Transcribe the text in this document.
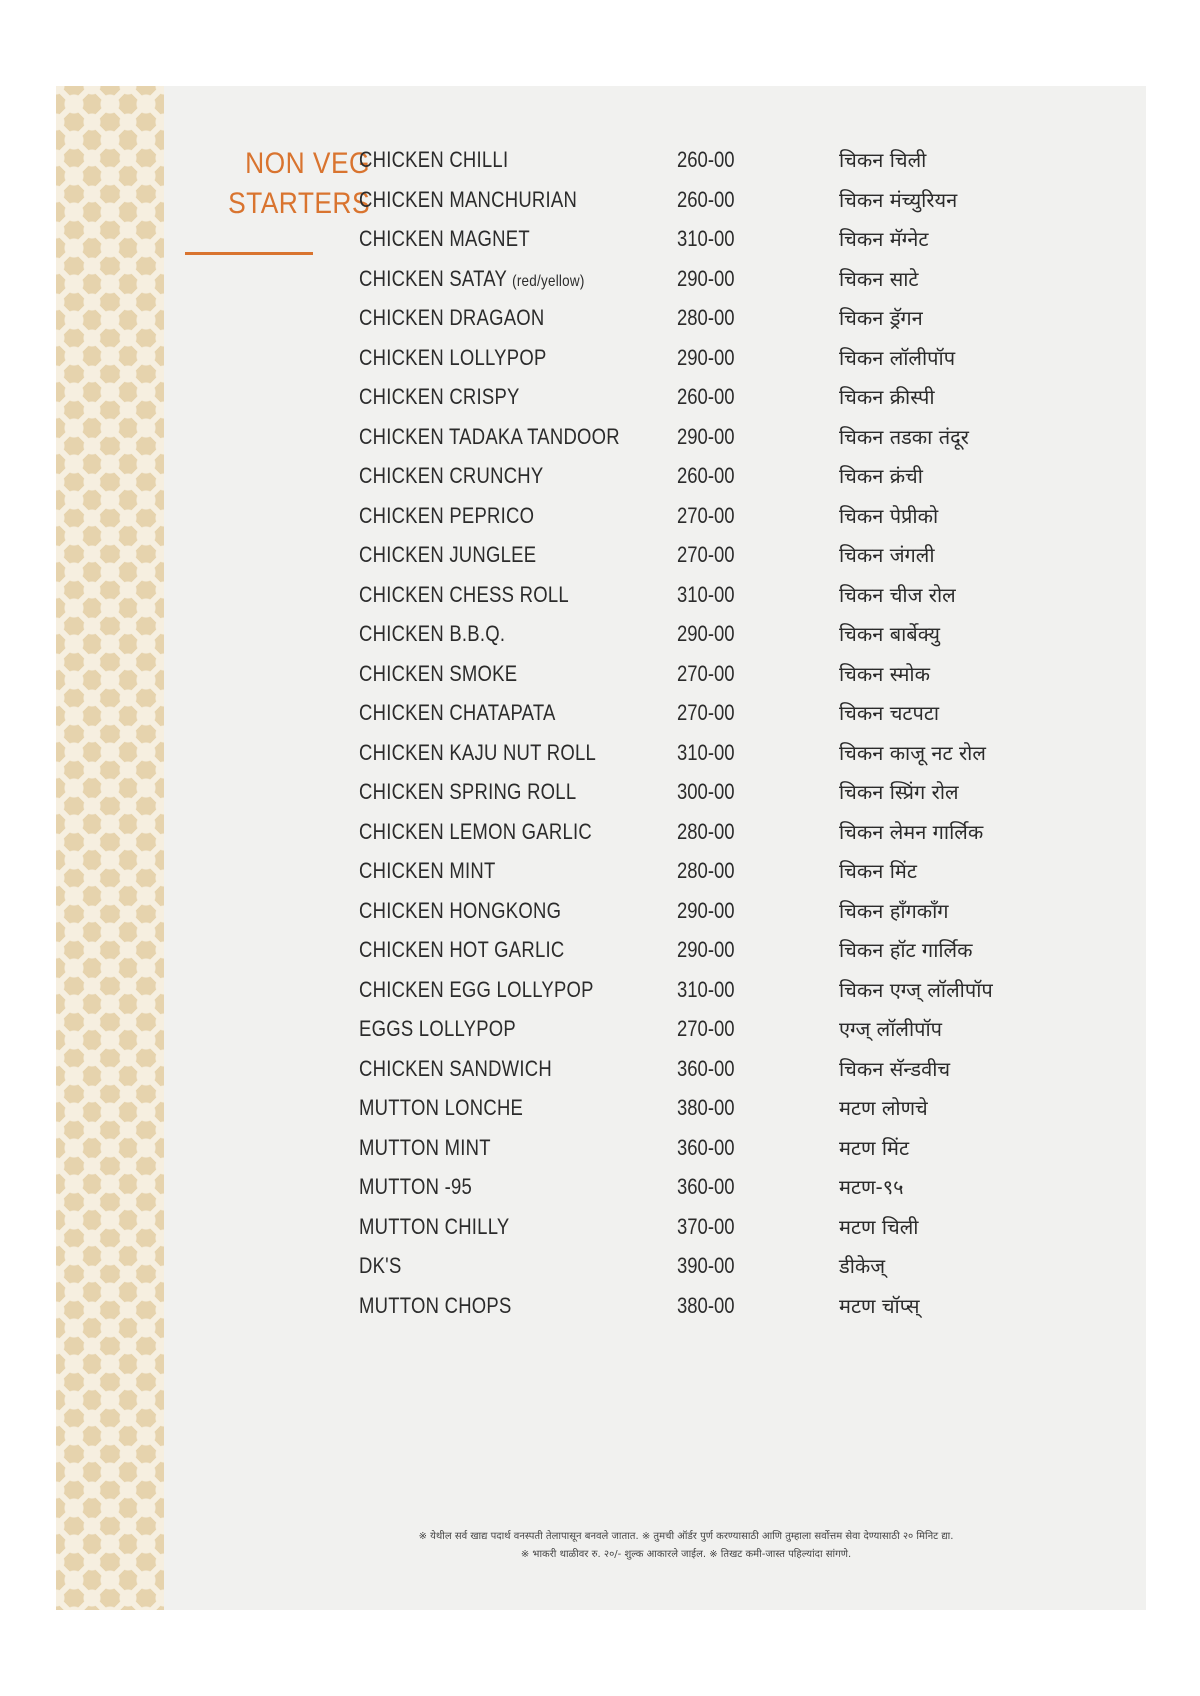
NON VEG
STARTERS
CHICKEN CHILLI	260-00	चिकन चिली
CHICKEN MANCHURIAN	260-00	चिकन मंच्युरियन
CHICKEN MAGNET	310-00	चिकन मॅग्नेट
CHICKEN SATAY (red/yellow)	290-00	चिकन साटे
CHICKEN DRAGAON	280-00	चिकन ड्रॅगन
CHICKEN LOLLYPOP	290-00	चिकन लॉलीपॉप
CHICKEN CRISPY	260-00	चिकन क्रीस्पी
CHICKEN TADAKA TANDOOR	290-00	चिकन तडका तंदूर
CHICKEN CRUNCHY	260-00	चिकन क्रंची
CHICKEN PEPRICO	270-00	चिकन पेप्रीको
CHICKEN JUNGLEE	270-00	चिकन जंगली
CHICKEN CHESS ROLL	310-00	चिकन चीज रोल
CHICKEN B.B.Q.	290-00	चिकन बार्बेक्यु
CHICKEN SMOKE	270-00	चिकन स्मोक
CHICKEN CHATAPATA	270-00	चिकन चटपटा
CHICKEN KAJU NUT ROLL	310-00	चिकन काजू नट रोल
CHICKEN SPRING ROLL	300-00	चिकन स्प्रिंग रोल
CHICKEN LEMON GARLIC	280-00	चिकन लेमन गार्लिक
CHICKEN MINT	280-00	चिकन मिंट
CHICKEN HONGKONG	290-00	चिकन हॉंगकॉंग
CHICKEN HOT GARLIC	290-00	चिकन हॉट गार्लिक
CHICKEN EGG LOLLYPOP	310-00	चिकन एग्ज् लॉलीपॉप
EGGS LOLLYPOP	270-00	एग्ज् लॉलीपॉप
CHICKEN SANDWICH	360-00	चिकन सॅन्डवीच
MUTTON LONCHE	380-00	मटण लोणचे
MUTTON MINT	360-00	मटण मिंट
MUTTON -95	360-00	मटण-९५
MUTTON CHILLY	370-00	मटण चिली
DK'S	390-00	डीकेज्
MUTTON CHOPS	380-00	मटण चॉप्स्
※ येथील सर्व खाद्य पदार्थ वनस्पती तेलापासून बनवले जातात. ※ तुमची ऑर्डर पुर्ण करण्यासाठी आणि तुम्हाला सर्वोत्तम सेवा देण्यासाठी २० मिनिट द्या.
※ भाकरी थाळीवर रु. २०/- शुल्क आकारले जाईल. ※ तिखट कमी-जास्त पहिल्यांदा सांगणे.
